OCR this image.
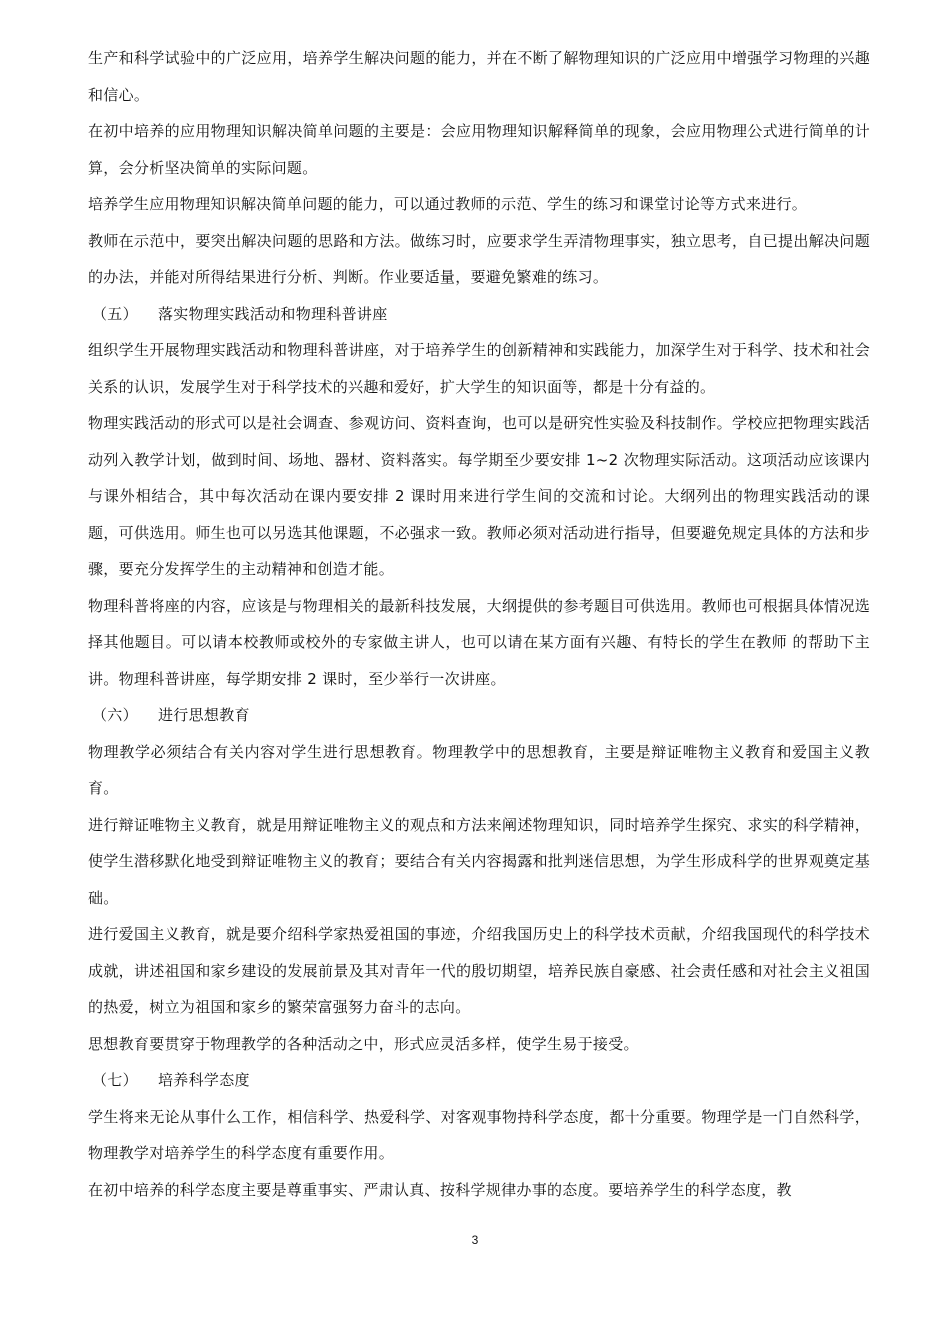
生产和科学试验中的广泛应用，培养学生解决问题的能力，并在不断了解物理知识的广泛应用中增强学习物理的兴趣和信心。

在初中培养的应用物理知识解决简单问题的主要是：会应用物理知识解释简单的现象，会应用物理公式进行简单的计算，会分析坚决简单的实际问题。

培养学生应用物理知识解决简单问题的能力，可以通过教师的示范、学生的练习和课堂讨论等方式来进行。

教师在示范中，要突出解决问题的思路和方法。做练习时，应要求学生弄清物理事实，独立思考，自已提出解决问题的办法，并能对所得结果进行分析、判断。作业要适量，要避免繁难的练习。

（五） 落实物理实践活动和物理科普讲座

组织学生开展物理实践活动和物理科普讲座，对于培养学生的创新精神和实践能力，加深学生对于科学、技术和社会关系的认识，发展学生对于科学技术的兴趣和爱好，扩大学生的知识面等，都是十分有益的。

物理实践活动的形式可以是社会调查、参观访问、资料查询，也可以是研究性实验及科技制作。学校应把物理实践活动列入教学计划，做到时间、场地、器材、资料落实。每学期至少要安排 1~2 次物理实际活动。这项活动应该课内与课外相结合，其中每次活动在课内要安排 2 课时用来进行学生间的交流和讨论。大纲列出的物理实践活动的课题，可供选用。师生也可以另选其他课题，不必强求一致。教师必须对活动进行指导，但要避免规定具体的方法和步骤，要充分发挥学生的主动精神和创造才能。

物理科普将座的内容，应该是与物理相关的最新科技发展，大纲提供的参考题目可供选用。教师也可根据具体情况选择其他题目。可以请本校教师或校外的专家做主讲人，也可以请在某方面有兴趣、有特长的学生在教师 的帮助下主讲。物理科普讲座，每学期安排 2 课时，至少举行一次讲座。

（六） 进行思想教育

物理教学必须结合有关内容对学生进行思想教育。物理教学中的思想教育，主要是辩证唯物主义教育和爱国主义教育。

进行辩证唯物主义教育，就是用辩证唯物主义的观点和方法来阐述物理知识，同时培养学生探究、求实的科学精神，使学生潜移默化地受到辩证唯物主义的教育；要结合有关内容揭露和批判迷信思想，为学生形成科学的世界观奠定基础。

进行爱国主义教育，就是要介绍科学家热爱祖国的事迹，介绍我国历史上的科学技术贡献，介绍我国现代的科学技术成就，讲述祖国和家乡建设的发展前景及其对青年一代的殷切期望，培养民族自豪感、社会责任感和对社会主义祖国的热爱，树立为祖国和家乡的繁荣富强努力奋斗的志向。

思想教育要贯穿于物理教学的各种活动之中，形式应灵活多样，使学生易于接受。

（七） 培养科学态度

学生将来无论从事什么工作，相信科学、热爱科学、对客观事物持科学态度，都十分重要。物理学是一门自然科学，物理教学对培养学生的科学态度有重要作用。

在初中培养的科学态度主要是尊重事实、严肃认真、按科学规律办事的态度。要培养学生的科学态度，教

3
